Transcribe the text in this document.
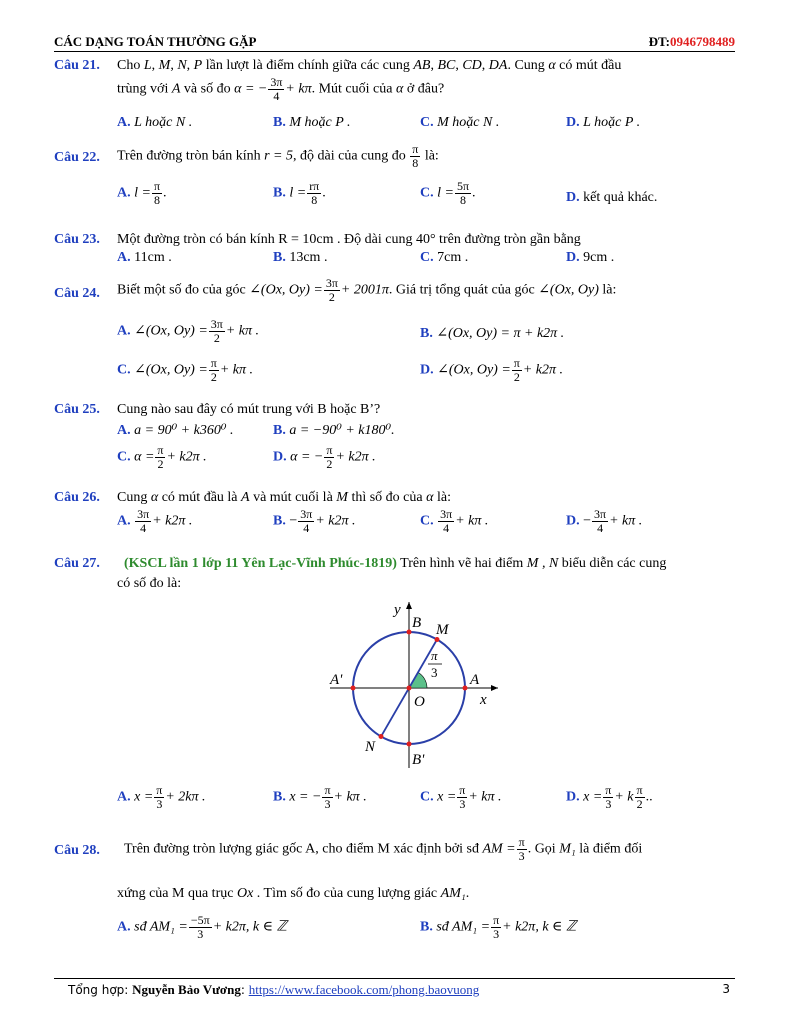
CÁC DẠNG TOÁN THƯỜNG GẶP	ĐT:0946798489
Câu 21. Cho L, M, N, P lần lượt là điểm chính giữa các cung AB, BC, CD, DA. Cung α có mút đầu
trùng với A và số đo α = − $\frac{3\pi}{4} + k\pi$. Mút cuối của α ở đâu?
A. L hoặc N .	B. M hoặc P .	C. M hoặc N .	D. L hoặc P .
Câu 22. Trên đường tròn bán kính r = 5, độ dài của cung đo $\frac{\pi}{8}$ là:
A. $l = \frac{\pi}{8}$ .	B. $l = \frac{r\pi}{8}$ .	C. $l = \frac{5\pi}{8}$ .	D. kết quả khác.
Câu 23. Một đường tròn có bán kính R = 10cm . Độ dài cung 40° trên đường tròn gần bằng
A. 11cm .	B. 13cm .	C. 7cm .	D. 9cm .
Câu 24. Biết một số đo của góc ∠(Ox, $Oy) = \frac{3\pi}{2} + 2001\pi$. Giá trị tổng quát của góc ∠(Ox, Oy) là:
A. ∠(Ox, $Oy) = \frac{3\pi}{2} + k\pi$ .	B. ∠(Ox, Oy) = π + k2π .
C. ∠(Ox, $Oy) = \frac{\pi}{2} + k\pi$ .	D. ∠(Ox, $Oy) = \frac{\pi}{2} + k2\pi$ .
Câu 25. Cung nào sau đây có mút trung với B hoặc B’?
A. a = 90⁰ + k360⁰ .	B. a = −90⁰ + k180⁰.
C. $\alpha = \frac{\pi}{2} + k2\pi$ .	D. α = − $\frac{\pi}{2} + k2\pi$ .
Câu 26. Cung α có mút đầu là A và mút cuối là M thì số đo của α là:
A. $\frac{3\pi}{4} + k2\pi$ .	B. − $\frac{3\pi}{4} + k2\pi$ .	C. $\frac{3\pi}{4} + k\pi$ .	D. − $\frac{3\pi}{4} + k\pi$ .
Câu 27. (KSCL lần 1 lớp 11 Yên Lạc-Vĩnh Phúc-1819) Trên hình vẽ hai điểm M , N biểu diễn các cung
có số đo là:
y
x
B M
A'	A
O
N
B'
π
3
A. $x = \frac{\pi}{3} + 2k\pi$ .	B. x = − $\frac{\pi}{3} + k\pi$ .	C. $x = \frac{\pi}{3} + k\pi$ .	D. $x = \frac{\pi}{3} + k \frac{\pi}{2}$ ..
Câu 28. Trên đường tròn lượng giác gốc A, cho điểm M xác định bởi sđ AM = $\frac{\pi}{3}$ . Gọi M₁ là điểm đối
xứng của M qua trục Ox . Tìm số đo của cung lượng giác AM₁.
A. sđ $AM_1 = \frac{-5\pi}{3} + k2\pi$, k ∈ ℤ	B. sđ $AM_1 = \frac{\pi}{3} + k2\pi$, k ∈ ℤ
Tổng hợp: Nguyễn Bảo Vương: https://www.facebook.com/phong.baovuong	3
